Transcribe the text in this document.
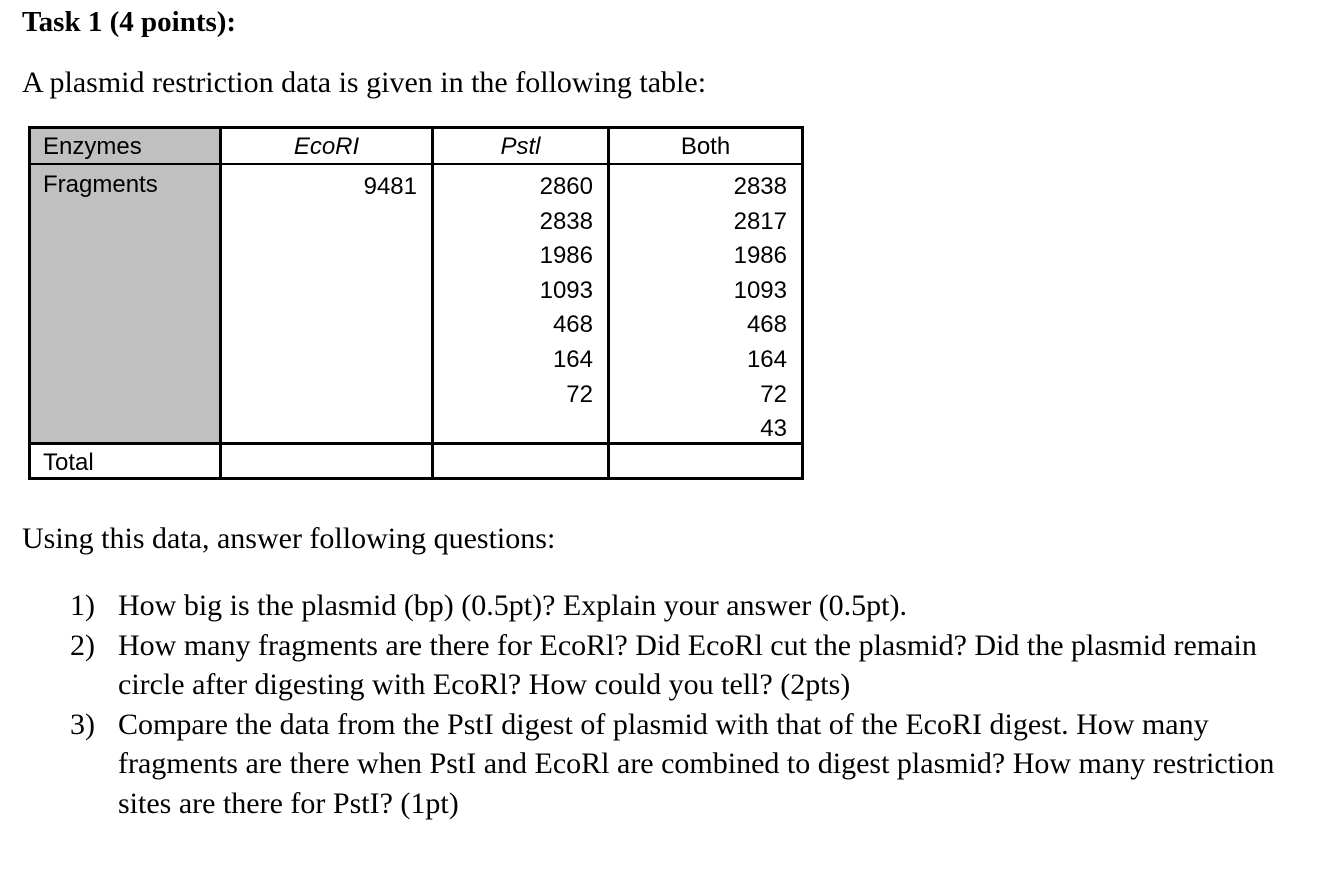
Task 1 (4 points):

A plasmid restriction data is given in the following table:

Enzymes
Fragments
Total
EcoRI
9481
Pstl
2860
2838
1986
1093
468
164
72
Both
2838
2817
1986
1093
468
164
72
43

Using this data, answer following questions:

1) How big is the plasmid (bp) (0.5pt)? Explain your answer (0.5pt).
2) How many fragments are there for EcoRl? Did EcoRl cut the plasmid? Did the plasmid remain circle after digesting with EcoRl? How could you tell? (2pts)
3) Compare the data from the PstI digest of plasmid with that of the EcoRI digest. How many fragments are there when PstI and EcoRl are combined to digest plasmid? How many restriction sites are there for PstI? (1pt)
